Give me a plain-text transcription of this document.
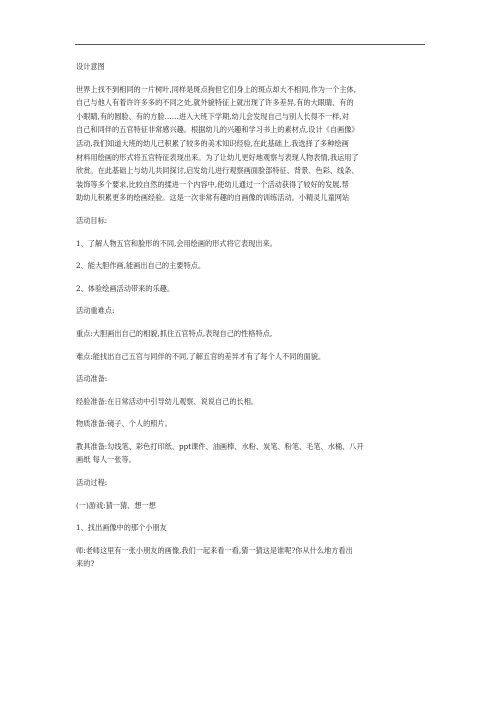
设计意图

世界上找不到相同的一片树叶,同样是斑点狗但它们身上的斑点却大不相同,作为一个主体,

自己与他人有着许许多多的不同之处,就外貌特征上就出现了许多差异,有的大眼睛、有的

小眼睛,有的圆脸、有的方脸……进入大班下学期,幼儿会发现自己与别人长得不一样,对

自己和同伴的五官特征非常感兴趣。根据幼儿的兴趣和学习书上的素材点,设计《自画像》

活动,我们知道大班的幼儿已积累了较多的美术知识经验,在此基础上,我选择了多种绘画

材料用绘画的形式将五官特征表现出来。为了让幼儿更好地观察与表现人物表情,我运用了

欣赏。在此基础上与幼儿共同探讨,启发幼儿进行观察画面脸部特征、背景、色彩、线条、

装饰等多个要求,比较自然的揉进一个内容中,使幼儿通过一个活动获得了较好的发展,帮

助幼儿积累更多的绘画经验。这是一次非常有趣的自画像的训练活动。小精灵儿童网站

活动目标:

1、了解人物五官和脸形的不同,会用绘画的形式将它表现出来。

2、能大胆作画,能画出自己的主要特点。

2、体验绘画活动带来的乐趣。

活动重难点:

重点:大胆画出自己的相貌,抓住五官特点,表现自己的性格特点,

难点:能找出自己五官与同伴的不同,了解五官的差异才有了每个人不同的面貌。

活动准备:

经验准备:在日常活动中引导幼儿观察、说说自己的长相。

物质准备:镜子、个人的照片。

教具准备:勾线笔、彩色打印纸、ppt课件、油画棒、水粉、炭笔、粉笔、毛笔、水桶、八开

画纸 每人一张等。

活动过程:

(一)游戏:猜一猜、想一想

1、找出画像中的那个小朋友

师:老师这里有一张小朋友的画像,我们一起来看一看,猜一猜这是谁呢?你从什么地方看出

来的?
